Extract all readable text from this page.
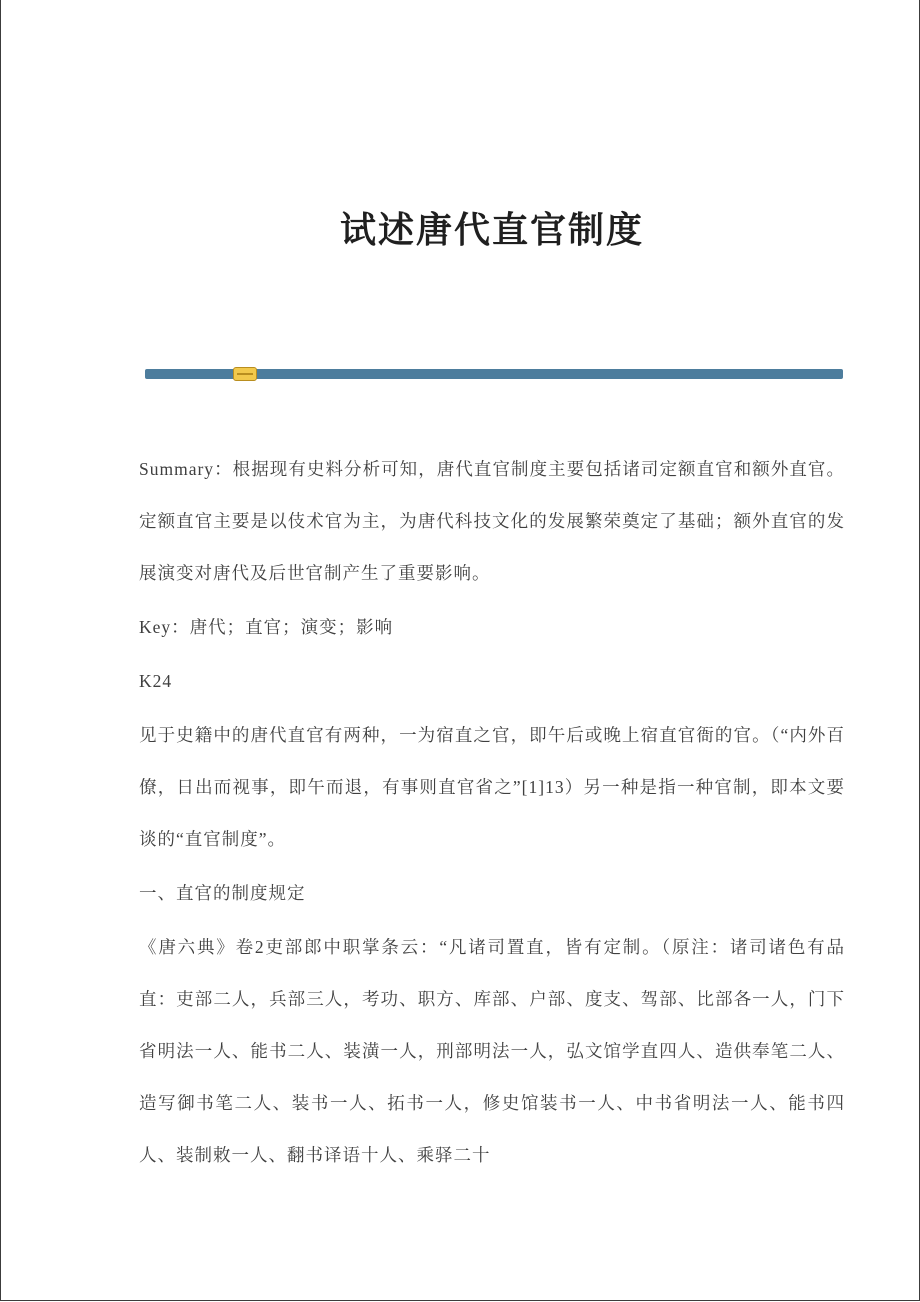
试述唐代直官制度

Summary：根据现有史料分析可知，唐代直官制度主要包括诸司定额直官和额外直官。定额直官主要是以伎术官为主，为唐代科技文化的发展繁荣奠定了基础；额外直官的发展演变对唐代及后世官制产生了重要影响。

Key：唐代；直官；演变；影响

K24

见于史籍中的唐代直官有两种，一为宿直之官，即午后或晚上宿直官衙的官。（“内外百僚，日出而视事，即午而退，有事则直官省之”[1]13）另一种是指一种官制，即本文要谈的“直官制度”。

一、直官的制度规定

《唐六典》卷2吏部郎中职掌条云：“凡诸司置直，皆有定制。（原注：诸司诸色有品直：吏部二人，兵部三人，考功、职方、库部、户部、度支、驾部、比部各一人，门下省明法一人、能书二人、装潢一人，刑部明法一人，弘文馆学直四人、造供奉笔二人、造写御书笔二人、装书一人、拓书一人，修史馆装书一人、中书省明法一人、能书四人、装制敕一人、翻书译语十人、乘驿二十
